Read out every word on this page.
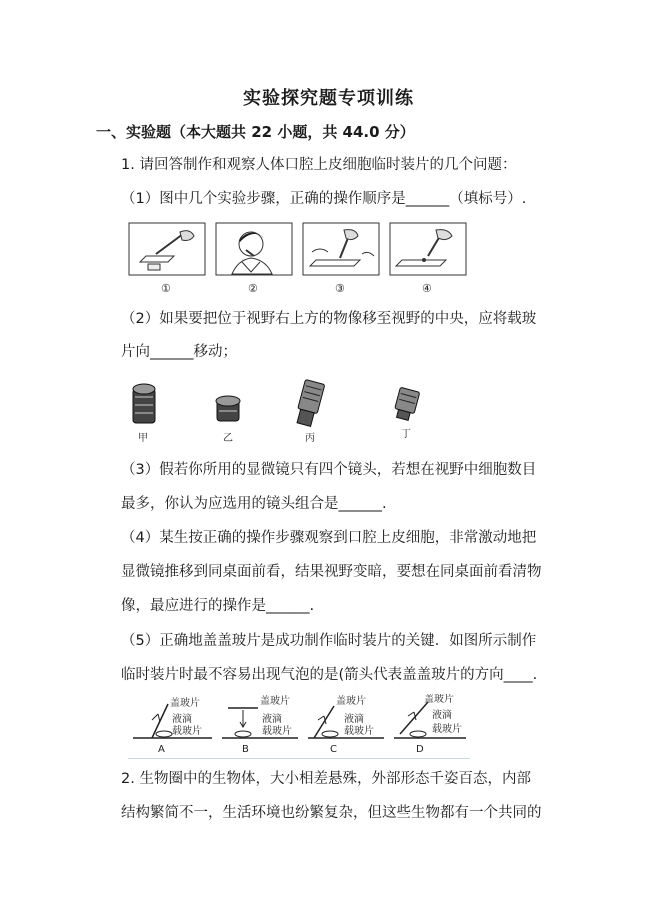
实验探究题专项训练
一、实验题（本大题共 22 小题，共 44.0 分）
1. 请回答制作和观察人体口腔上皮细胞临时装片的几个问题：
（1）图中几个实验步骤，正确的操作顺序是______（填标号）.
①	②	③	④
（2）如果要把位于视野右上方的物像移至视野的中央，应将载玻
片向______移动；
甲	乙	丙	丁
（3）假若你所用的显微镜只有四个镜头，若想在视野中细胞数目
最多，你认为应选用的镜头组合是______.
（4）某生按正确的操作步骤观察到口腔上皮细胞，非常激动地把
显微镜推移到同桌面前看，结果视野变暗，要想在同桌面前看清物
像，最应进行的操作是______.
（5）正确地盖盖玻片是成功制作临时装片的关键．如图所示制作
临时装片时最不容易出现气泡的是(箭头代表盖盖玻片的方向____.
盖玻片
液滴
载玻片
A
盖玻片
液滴
载玻片
B
盖玻片
液滴
载玻片
C
盖玻片
液滴
载玻片
D
2. 生物圈中的生物体，大小相差悬殊，外部形态千姿百态，内部
结构繁简不一，生活环境也纷繁复杂，但这些生物都有一个共同的
